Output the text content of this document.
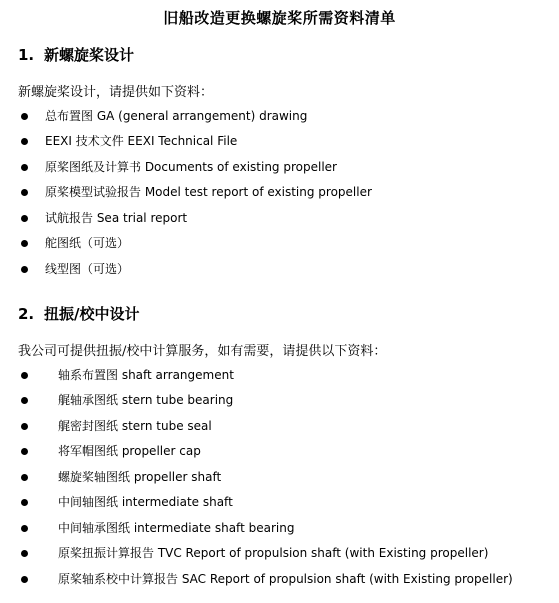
旧船改造更换螺旋桨所需资料清单
1. 新螺旋桨设计
新螺旋桨设计，请提供如下资料：
总布置图 GA (general arrangement) drawing
EEXI 技术文件 EEXI Technical File
原桨图纸及计算书 Documents of existing propeller
原桨模型试验报告 Model test report of existing propeller
试航报告 Sea trial report
舵图纸（可选）
线型图（可选）
2. 扭振/校中设计
我公司可提供扭振/校中计算服务，如有需要，请提供以下资料：
轴系布置图 shaft arrangement
艉轴承图纸 stern tube bearing
艉密封图纸 stern tube seal
将军帽图纸 propeller cap
螺旋桨轴图纸 propeller shaft
中间轴图纸 intermediate shaft
中间轴承图纸 intermediate shaft bearing
原桨扭振计算报告 TVC Report of propulsion shaft (with Existing propeller)
原桨轴系校中计算报告 SAC Report of propulsion shaft (with Existing propeller)
